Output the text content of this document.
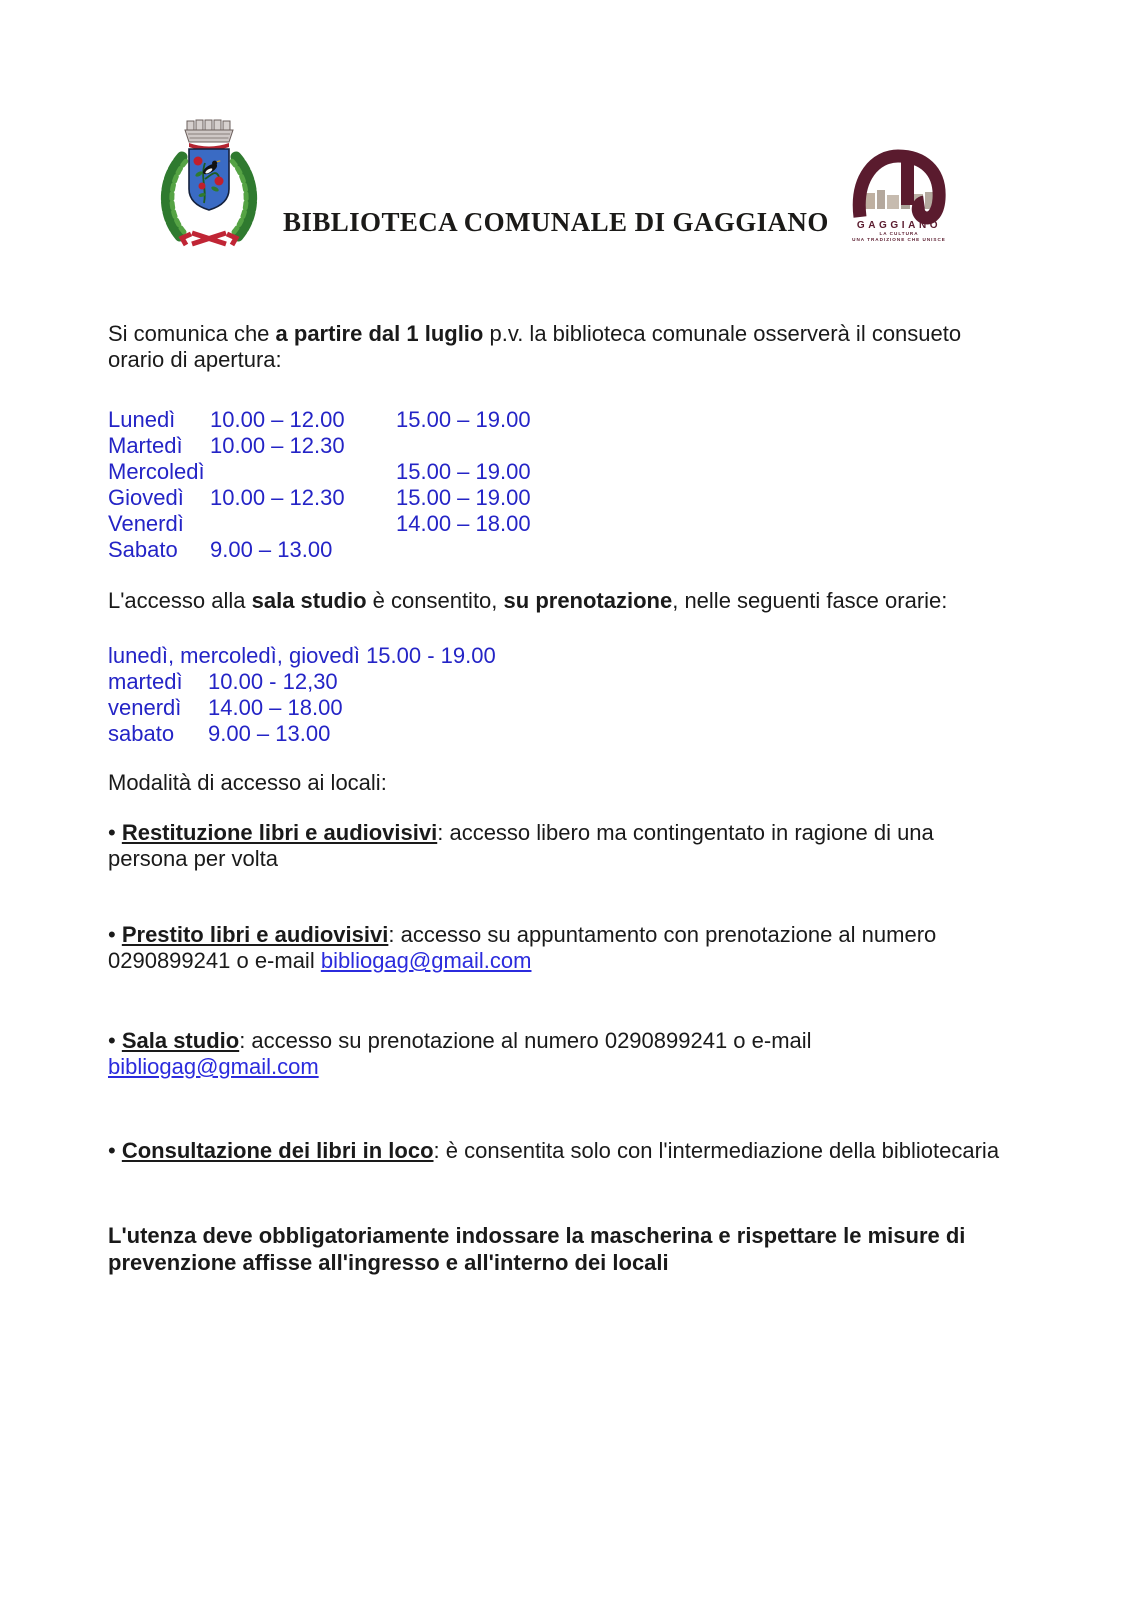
BIBLIOTECA COMUNALE DI GAGGIANO	GAGGIANO
LA CULTURA
UNA TRADIZIONE CHE UNISCE

Si comunica che a partire dal 1 luglio p.v. la biblioteca comunale osserverà il consueto orario di apertura:

Lunedì 10.00 – 12.00 15.00 – 19.00
Martedì 10.00 – 12.30
Mercoledì	15.00 – 19.00
Giovedì 10.00 – 12.30 15.00 – 19.00
Venerdì	14.00 – 18.00
Sabato 9.00 – 13.00

L'accesso alla sala studio è consentito, su prenotazione, nelle seguenti fasce orarie:

lunedì, mercoledì, giovedì 15.00 - 19.00
martedì 10.00 - 12,30
venerdì 14.00 – 18.00
sabato 9.00 – 13.00

Modalità di accesso ai locali:

• Restituzione libri e audiovisivi: accesso libero ma contingentato in ragione di una persona per volta

• Prestito libri e audiovisivi: accesso su appuntamento con prenotazione al numero 0290899241 o e-mail bibliogag@gmail.com

• Sala studio: accesso su prenotazione al numero 0290899241 o e-mail bibliogag@gmail.com

• Consultazione dei libri in loco: è consentita solo con l'intermediazione della bibliotecaria

L'utenza deve obbligatoriamente indossare la mascherina e rispettare le misure di prevenzione affisse all'ingresso e all'interno dei locali
